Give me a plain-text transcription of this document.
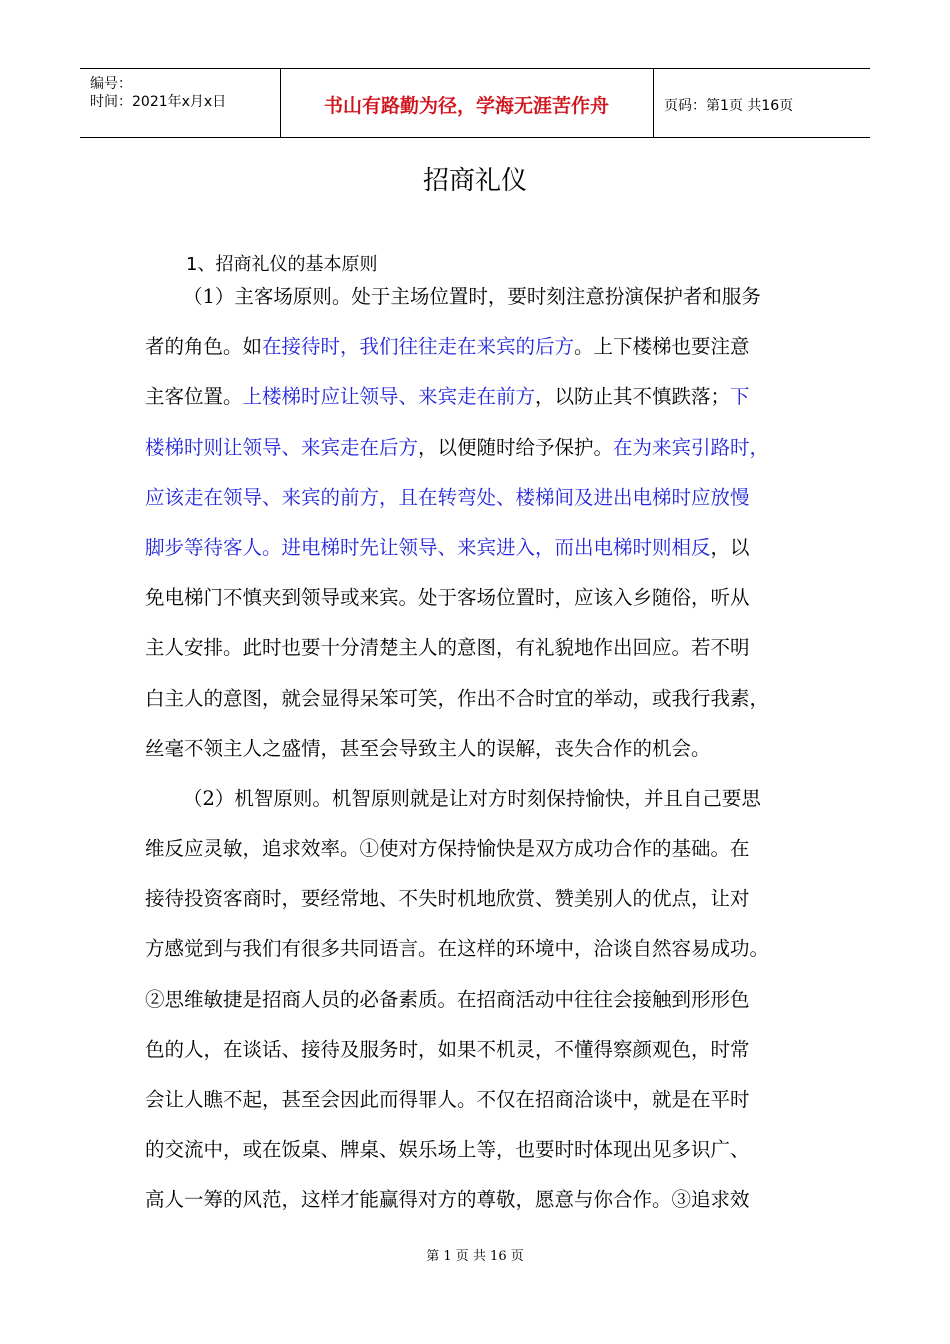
编号：
时间：2021年x月x日	书山有路勤为径，学海无涯苦作舟	页码：第1页 共16页
招商礼仪
1、招商礼仪的基本原则
（1）主客场原则。处于主场位置时，要时刻注意扮演保护者和服务
者的角色。如在接待时，我们往往走在来宾的后方。上下楼梯也要注意
主客位置。上楼梯时应让领导、来宾走在前方，以防止其不慎跌落；下
楼梯时则让领导、来宾走在后方，以便随时给予保护。在为来宾引路时，
应该走在领导、来宾的前方，且在转弯处、楼梯间及进出电梯时应放慢
脚步等待客人。进电梯时先让领导、来宾进入，而出电梯时则相反，以
免电梯门不慎夹到领导或来宾。处于客场位置时，应该入乡随俗，听从
主人安排。此时也要十分清楚主人的意图，有礼貌地作出回应。若不明
白主人的意图，就会显得呆笨可笑，作出不合时宜的举动，或我行我素，
丝毫不领主人之盛情，甚至会导致主人的误解，丧失合作的机会。
（2）机智原则。机智原则就是让对方时刻保持愉快，并且自己要思
维反应灵敏，追求效率。①使对方保持愉快是双方成功合作的基础。在
接待投资客商时，要经常地、不失时机地欣赏、赞美别人的优点，让对
方感觉到与我们有很多共同语言。在这样的环境中，洽谈自然容易成功。
②思维敏捷是招商人员的必备素质。在招商活动中往往会接触到形形色
色的人，在谈话、接待及服务时，如果不机灵，不懂得察颜观色，时常
会让人瞧不起，甚至会因此而得罪人。不仅在招商洽谈中，就是在平时
的交流中，或在饭桌、牌桌、娱乐场上等，也要时时体现出见多识广、
高人一筹的风范，这样才能赢得对方的尊敬，愿意与你合作。③追求效
第 1 页 共 16 页
